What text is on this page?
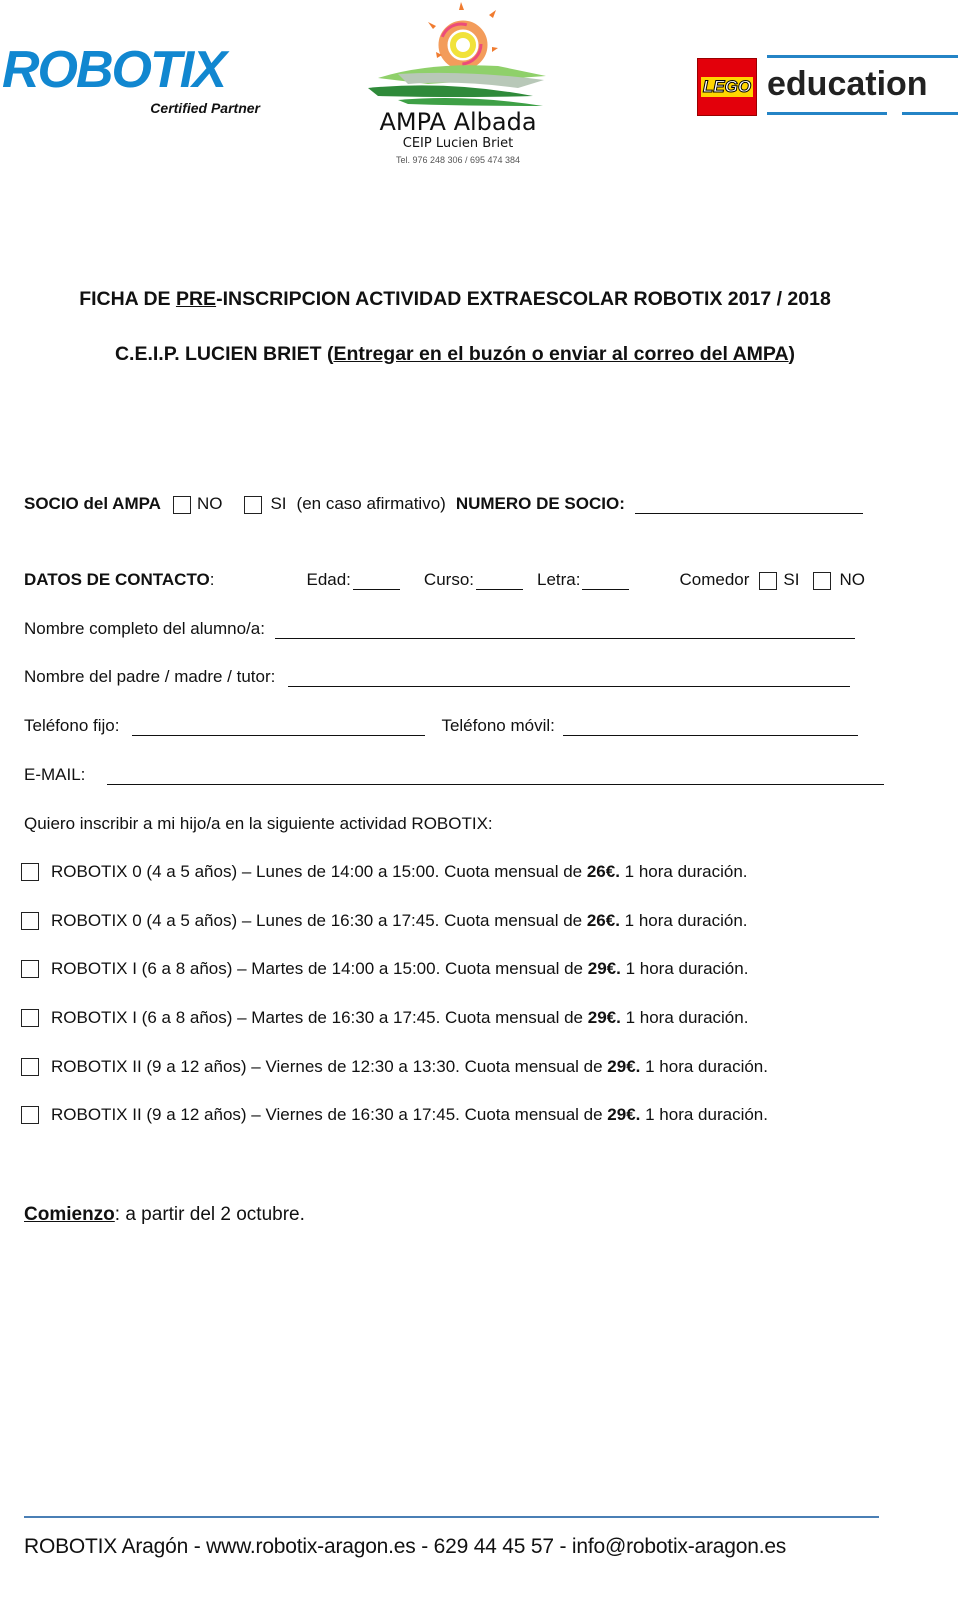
ROBOTIX
Certified Partner	AMPA Albada
CEIP Lucien Briet
Tel. 976 248 306 / 695 474 384
LEGO education
FICHA DE PRE-INSCRIPCION ACTIVIDAD EXTRAESCOLAR ROBOTIX 2017 / 2018
C.E.I.P. LUCIEN BRIET (Entregar en el buzón o enviar al correo del AMPA)
SOCIO del AMPA NO	SI (en caso afirmativo) NUMERO DE SOCIO:
DATOS DE CONTACTO :	Edad:	Curso:	Letra:	Comedor SI NO
Nombre completo del alumno/a:
Nombre del padre / madre / tutor:
Teléfono fijo:	Teléfono móvil:
E-MAIL:
Quiero inscribir a mi hijo/a en la siguiente actividad ROBOTIX:
ROBOTIX 0 (4 a 5 años) – Lunes de 14:00 a 15:00. Cuota mensual de 26€. 1 hora duración.
ROBOTIX 0 (4 a 5 años) – Lunes de 16:30 a 17:45. Cuota mensual de 26€. 1 hora duración.
ROBOTIX I (6 a 8 años) – Martes de 14:00 a 15:00. Cuota mensual de 29€. 1 hora duración.
ROBOTIX I (6 a 8 años) – Martes de 16:30 a 17:45. Cuota mensual de 29€. 1 hora duración.
ROBOTIX II (9 a 12 años) – Viernes de 12:30 a 13:30. Cuota mensual de 29€. 1 hora duración.
ROBOTIX II (9 a 12 años) – Viernes de 16:30 a 17:45. Cuota mensual de 29€. 1 hora duración.
Comienzo : a partir del 2 octubre.
ROBOTIX Aragón - www.robotix-aragon.es - 629 44 45 57 - info@robotix-aragon.es
